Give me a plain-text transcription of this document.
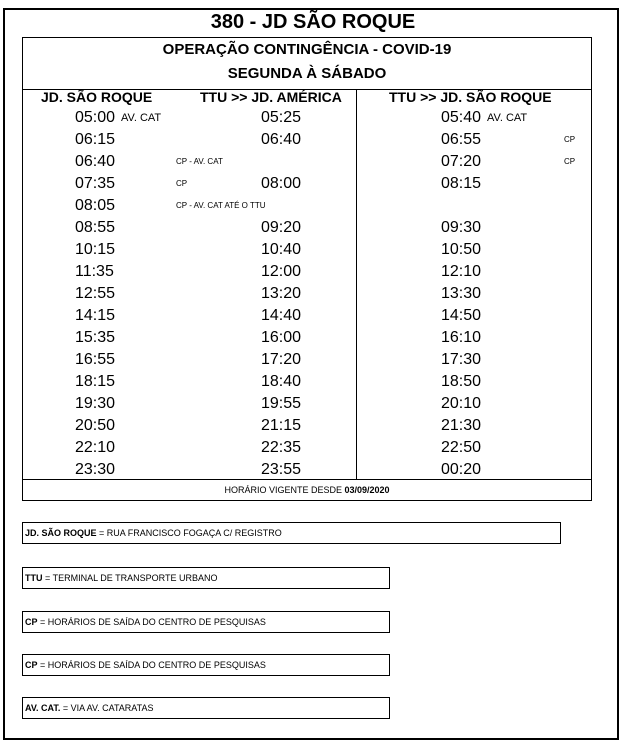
380 - JD SÃO ROQUE
OPERAÇÃO CONTINGÊNCIA - COVID-19
SEGUNDA À SÁBADO
JD. SÃO ROQUE	TTU >> JD. AMÉRICA	TTU >> JD. SÃO ROQUE
05:00 AV. CAT	05:25	05:40 AV. CAT
06:15	06:40	06:55	CP
06:40	CP - AV. CAT	07:20	CP
07:35	CP	08:00	08:15
08:05	CP - AV. CAT ATÉ O TTU
08:55	09:20	09:30
10:15	10:40	10:50
11:35	12:00	12:10
12:55	13:20	13:30
14:15	14:40	14:50
15:35	16:00	16:10
16:55	17:20	17:30
18:15	18:40	18:50
19:30	19:55	20:10
20:50	21:15	21:30
22:10	22:35	22:50
23:30	23:55	00:20
HORÁRIO VIGENTE DESDE 03/09/2020
JD. SÃO ROQUE = RUA FRANCISCO FOGAÇA C/ REGISTRO
TTU = TERMINAL DE TRANSPORTE URBANO
CP = HORÁRIOS DE SAÍDA DO CENTRO DE PESQUISAS
CP = HORÁRIOS DE SAÍDA DO CENTRO DE PESQUISAS
AV. CAT. = VIA AV. CATARATAS
